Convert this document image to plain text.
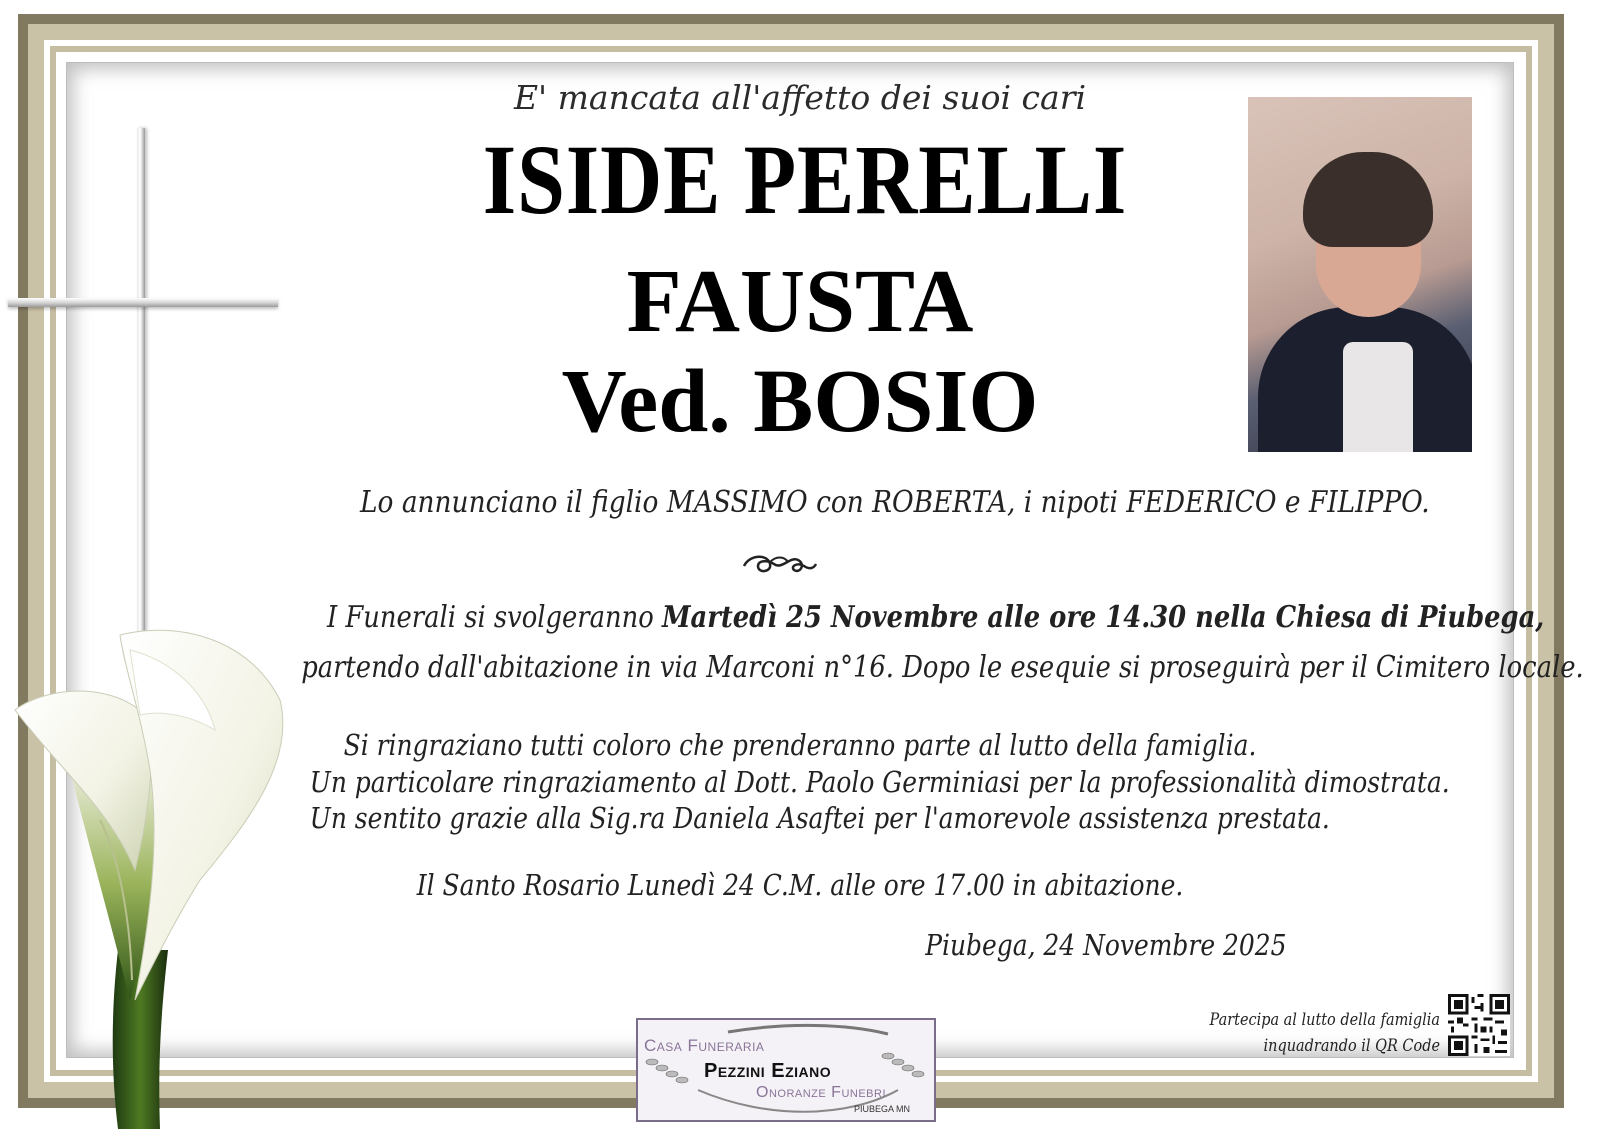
E' mancata all'affetto dei suoi cari
ISIDE PERELLI
FAUSTA
Ved. BOSIO
Lo annunciano il figlio MASSIMO con ROBERTA, i nipoti FEDERICO e FILIPPO.
I Funerali si svolgeranno Martedì 25 Novembre alle ore 14.30 nella Chiesa di Piubega,
partendo dall'abitazione in via Marconi n°16. Dopo le esequie si proseguirà per il Cimitero locale.
Si ringraziano tutti coloro che prenderanno parte al lutto della famiglia.
Un particolare ringraziamento al Dott. Paolo Germiniasi per la professionalità dimostrata.
Un sentito grazie alla Sig.ra Daniela Asaftei per l'amorevole assistenza prestata.
Il Santo Rosario Lunedì 24 C.M. alle ore 17.00 in abitazione.
Piubega, 24 Novembre 2025
Casa Funeraria
Pezzini Eziano
Onoranze Funebri
PIUBEGA MN
Partecipa al lutto della famiglia
inquadrando il QR Code
